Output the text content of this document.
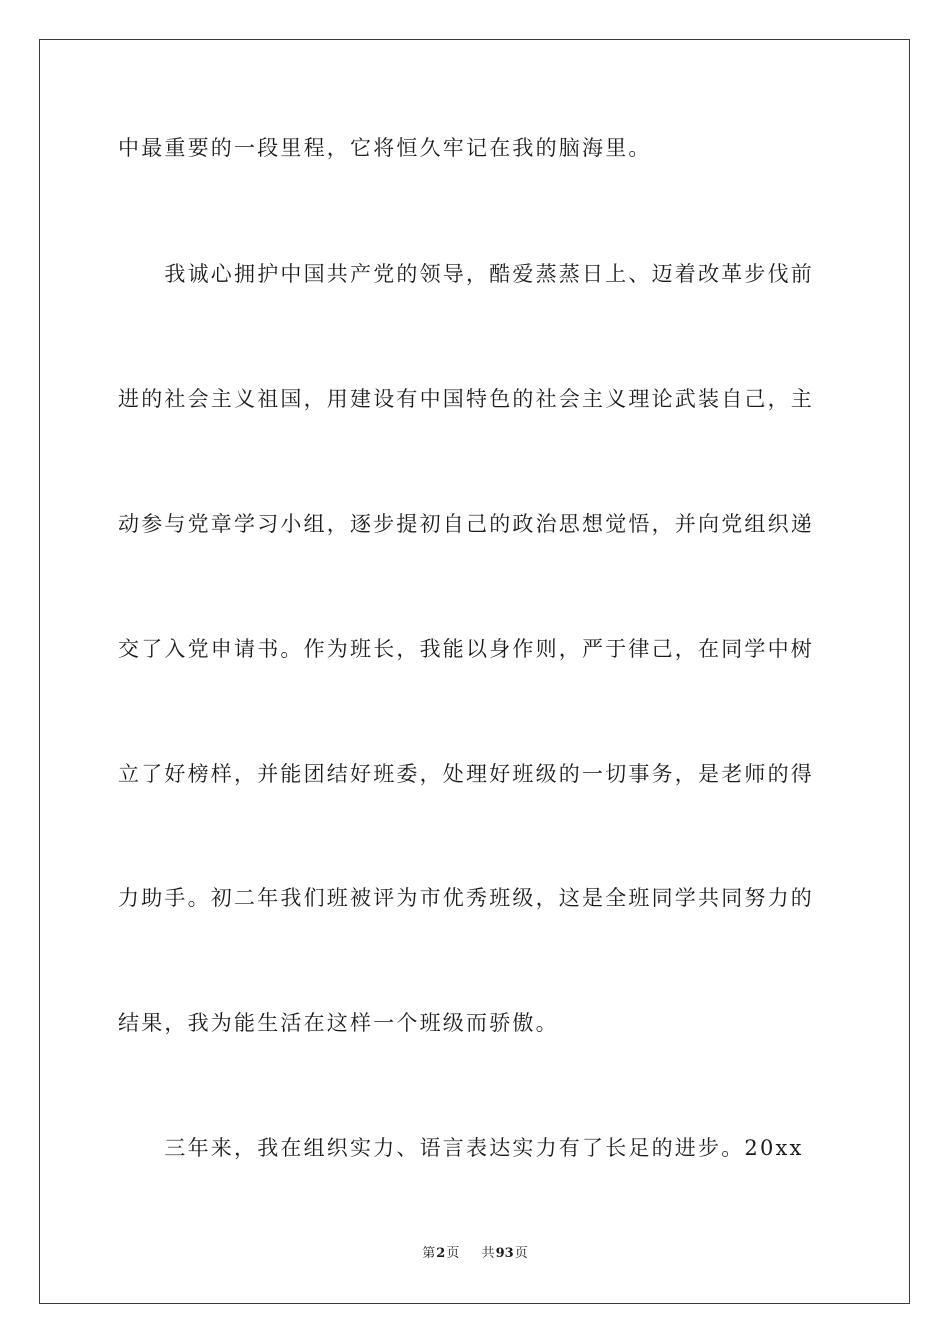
中最重要的一段里程，它将恒久牢记在我的脑海里。
　　我诚心拥护中国共产党的领导，酷爱蒸蒸日上、迈着改革步伐前
进的社会主义祖国，用建设有中国特色的社会主义理论武装自己，主
动参与党章学习小组，逐步提初自己的政治思想觉悟，并向党组织递
交了入党申请书。作为班长，我能以身作则，严于律己，在同学中树
立了好榜样，并能团结好班委，处理好班级的一切事务，是老师的得
力助手。初二年我们班被评为市优秀班级，这是全班同学共同努力的
结果，我为能生活在这样一个班级而骄傲。
　　三年来，我在组织实力、语言表达实力有了长足的进步。20xx
第2页 共93页
